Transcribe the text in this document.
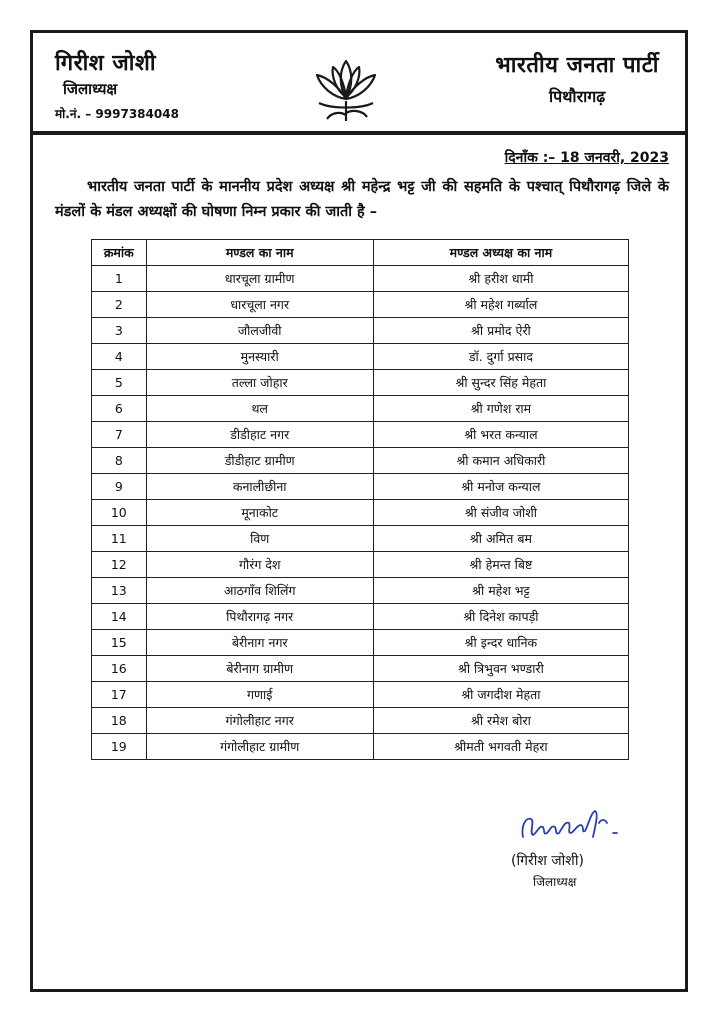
गिरीश जोशी
जिलाध्यक्ष
मो.नं. – 9997384048
भारतीय जनता पार्टी
पिथौरागढ़
दिनाँक :– 18 जनवरी, 2023
भारतीय जनता पार्टी के माननीय प्रदेश अध्यक्ष श्री महेन्द्र भट्ट जी की सहमति के पश्चात् पिथौरागढ़ जिले के मंडलों के मंडल अध्यक्षों की घोषणा निम्न प्रकार की जाती है –
क्रमांक	मण्डल का नाम	मण्डल अध्यक्ष का नाम
1	धारचूला ग्रामीण	श्री हरीश धामी
2	धारचूला नगर	श्री महेश गर्ब्याल
3	जौलजीवी	श्री प्रमोद ऐरी
4	मुनस्यारी	डॉ. दुर्गा प्रसाद
5	तल्ला जोहार	श्री सुन्दर सिंह मेहता
6	थल	श्री गणेश राम
7	डीडीहाट नगर	श्री भरत कन्याल
8	डीडीहाट ग्रामीण	श्री कमान अधिकारी
9	कनालीछीना	श्री मनोज कन्याल
10	मूनाकोट	श्री संजीव जोशी
11	विण	श्री अमित बम
12	गौरंग देश	श्री हेमन्त बिष्ट
13	आठगाँव शिलिंग	श्री महेश भट्ट
14	पिथौरागढ़ नगर	श्री दिनेश कापड़ी
15	बेरीनाग नगर	श्री इन्दर धानिक
16	बेरीनाग ग्रामीण	श्री त्रिभुवन भण्डारी
17	गणाई	श्री जगदीश मेहता
18	गंगोलीहाट नगर	श्री रमेश बोरा
19	गंगोलीहाट ग्रामीण	श्रीमती भगवती मेहरा
(गिरीश जोशी)
जिलाध्यक्ष
